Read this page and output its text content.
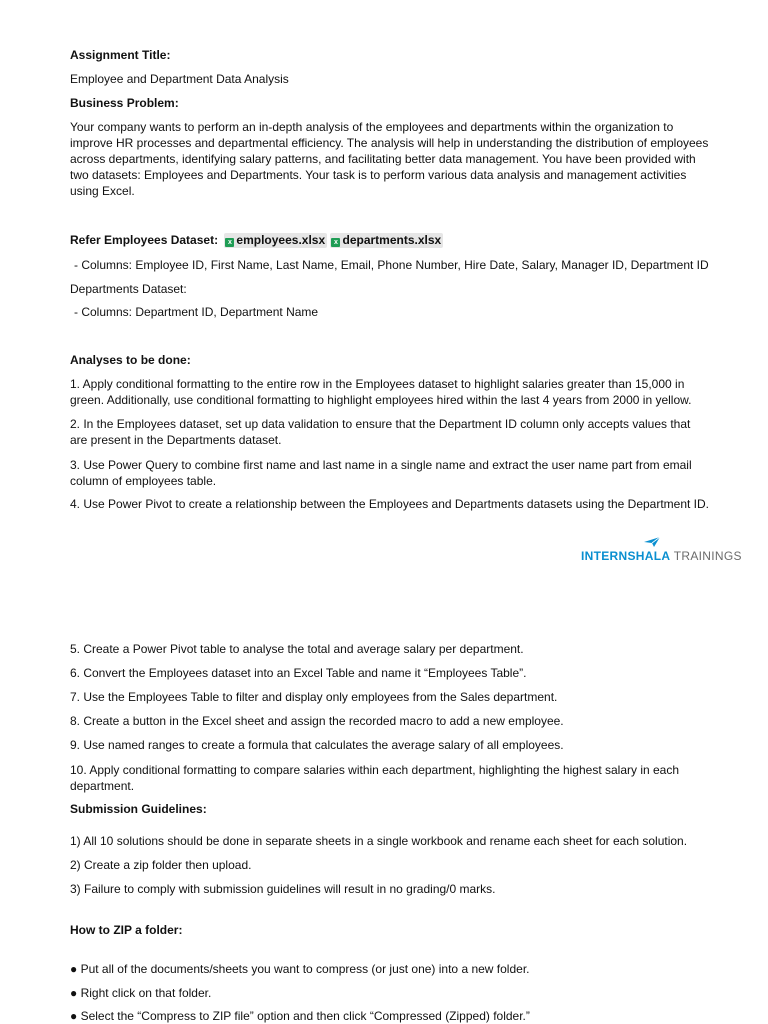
Assignment Title:

Employee and Department Data Analysis

Business Problem:

Your company wants to perform an in-depth analysis of the employees and departments within the organization to improve HR processes and departmental efficiency. The analysis will help in understanding the distribution of employees across departments, identifying salary patterns, and facilitating better data management. You have been provided with two datasets: Employees and Departments. Your task is to perform various data analysis and management activities using Excel.

Refer Employees Dataset: x employees.xlsx x departments.xlsx

- Columns: Employee ID, First Name, Last Name, Email, Phone Number, Hire Date, Salary, Manager ID, Department ID

Departments Dataset:

- Columns: Department ID, Department Name

Analyses to be done:

1. Apply conditional formatting to the entire row in the Employees dataset to highlight salaries greater than 15,000 in green. Additionally, use conditional formatting to highlight employees hired within the last 4 years from 2000 in yellow.

2. In the Employees dataset, set up data validation to ensure that the Department ID column only accepts values that are present in the Departments dataset.

3. Use Power Query to combine first name and last name in a single name and extract the user name part from email column of employees table.

4. Use Power Pivot to create a relationship between the Employees and Departments datasets using the Department ID.

INTERNSHALA TRAININGS

5. Create a Power Pivot table to analyse the total and average salary per department.

6. Convert the Employees dataset into an Excel Table and name it “Employees Table”.

7. Use the Employees Table to filter and display only employees from the Sales department.

8. Create a button in the Excel sheet and assign the recorded macro to add a new employee.

9. Use named ranges to create a formula that calculates the average salary of all employees.

10. Apply conditional formatting to compare salaries within each department, highlighting the highest salary in each department.

Submission Guidelines:

1) All 10 solutions should be done in separate sheets in a single workbook and rename each sheet for each solution.

2) Create a zip folder then upload.

3) Failure to comply with submission guidelines will result in no grading/0 marks.

How to ZIP a folder:

● Put all of the documents/sheets you want to compress (or just one) into a new folder.

● Right click on that folder.

● Select the “Compress to ZIP file” option and then click “Compressed (Zipped) folder.”
